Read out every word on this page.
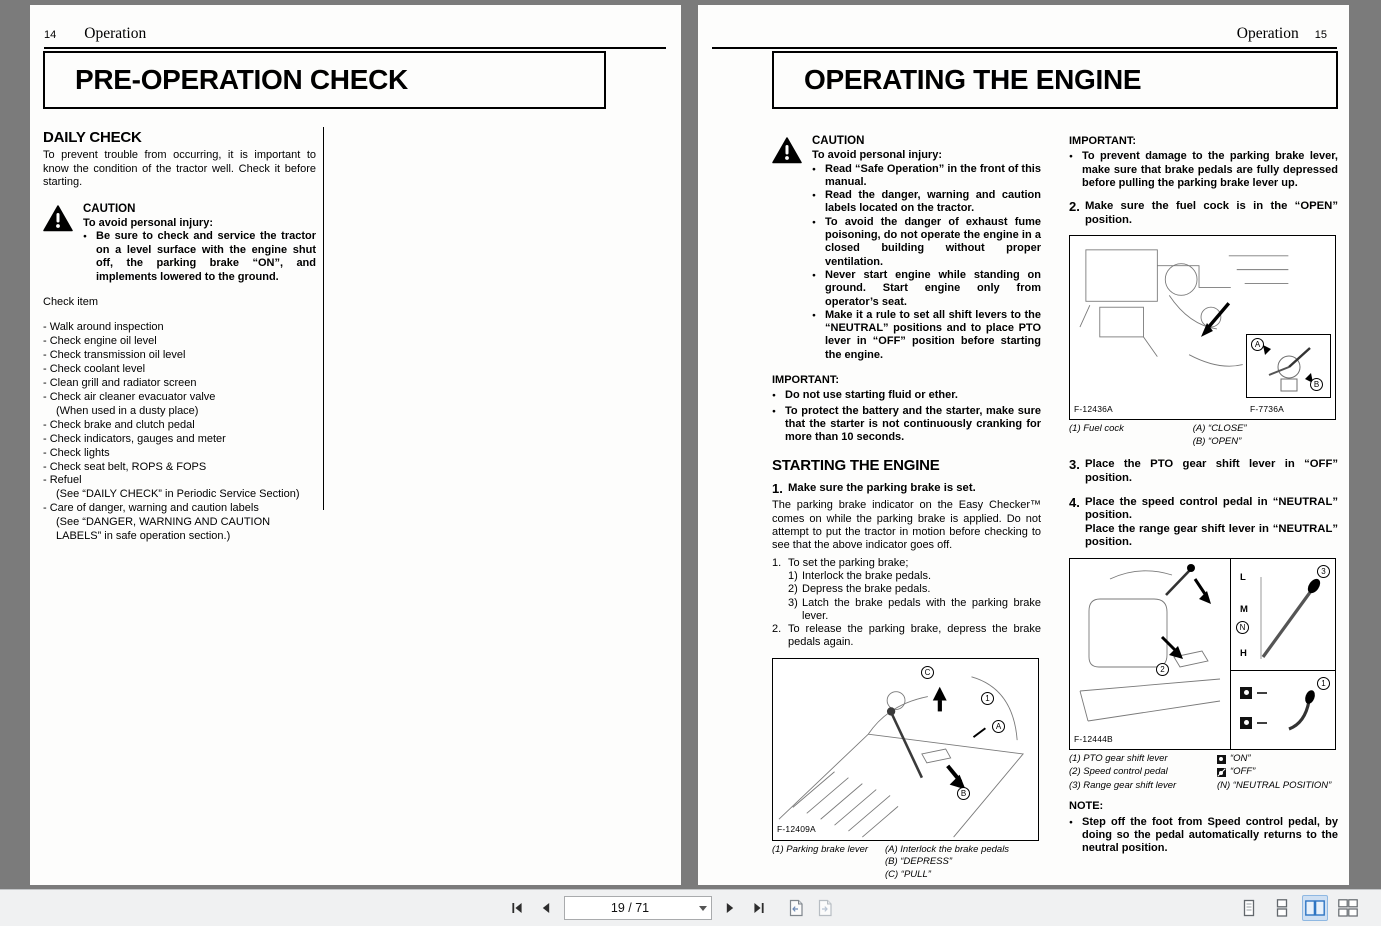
14 Operation
PRE-OPERATION CHECK
DAILY CHECK

To prevent trouble from occurring, it is important to know the condition of the tractor well. Check it before starting.

CAUTION
To avoid personal injury:
●
Be sure to check and service the tractor on a level surface with the engine shut off, the parking brake “ON”, and implements lowered to the ground.
Check item
- Walk around inspection
- Check engine oil level
- Check transmission oil level
- Check coolant level
- Clean grill and radiator screen
- Check air cleaner evacuator valve
(When used in a dusty place)
- Check brake and clutch pedal
- Check indicators, gauges and meter
- Check lights
- Check seat belt, ROPS & FOPS
- Refuel
(See “DAILY CHECK” in Periodic Service Section)
- Care of danger, warning and caution labels
(See “DANGER, WARNING AND CAUTION LABELS” in safe operation section.)
Operation 15
OPERATING THE ENGINE
CAUTION
To avoid personal injury:
●
Read “Safe Operation” in the front of this manual.
●
Read the danger, warning and caution labels located on the tractor.
●
To avoid the danger of exhaust fume poisoning, do not operate the engine in a closed building without proper ventilation.
●
Never start engine while standing on ground. Start engine only from operator’s seat.
●
Make it a rule to set all shift levers to the “NEUTRAL” positions and to place PTO lever in “OFF” position before starting the engine.
IMPORTANT:
●
Do not use starting fluid or ether.
●
To protect the battery and the starter, make sure that the starter is not continuously cranking for more than 10 seconds.
STARTING THE ENGINE
1. Make sure the parking brake is set.

The parking brake indicator on the Easy Checker™ comes on while the parking brake is applied. Do not attempt to put the tractor in motion before checking to see that the above indicator goes off.

1. To set the parking brake;
1) Interlock the brake pedals.
2) Depress the brake pedals.
3) Latch the brake pedals with the parking brake lever.
2. To release the parking brake, depress the brake pedals again.
C
1
A
B
F-12409A
(1) Parking brake lever	(A) Interlock the brake pedals
(B) “DEPRESS”
(C) “PULL”
IMPORTANT:
●
To prevent damage to the parking brake lever, make sure that brake pedals are fully depressed before pulling the parking brake lever up.
2. Make sure the fuel cock is in the “OPEN” position.
A
B
F-12436A	F-7736A
(1) Fuel cock	(A) “CLOSE”
(B) “OPEN”
3. Place the PTO gear shift lever in “OFF” position.
4. Place the speed control pedal in “NEUTRAL” position.
Place the range gear shift lever in “NEUTRAL” position.
2
3
L
M
N
H
1
F-12444B
(1) PTO gear shift lever	“ON”
(2) Speed control pedal	“OFF”
(3) Range gear shift lever	(N) “NEUTRAL POSITION”
NOTE:
●
Step off the foot from Speed control pedal, by doing so the pedal automatically returns to the neutral position.
19 / 71
